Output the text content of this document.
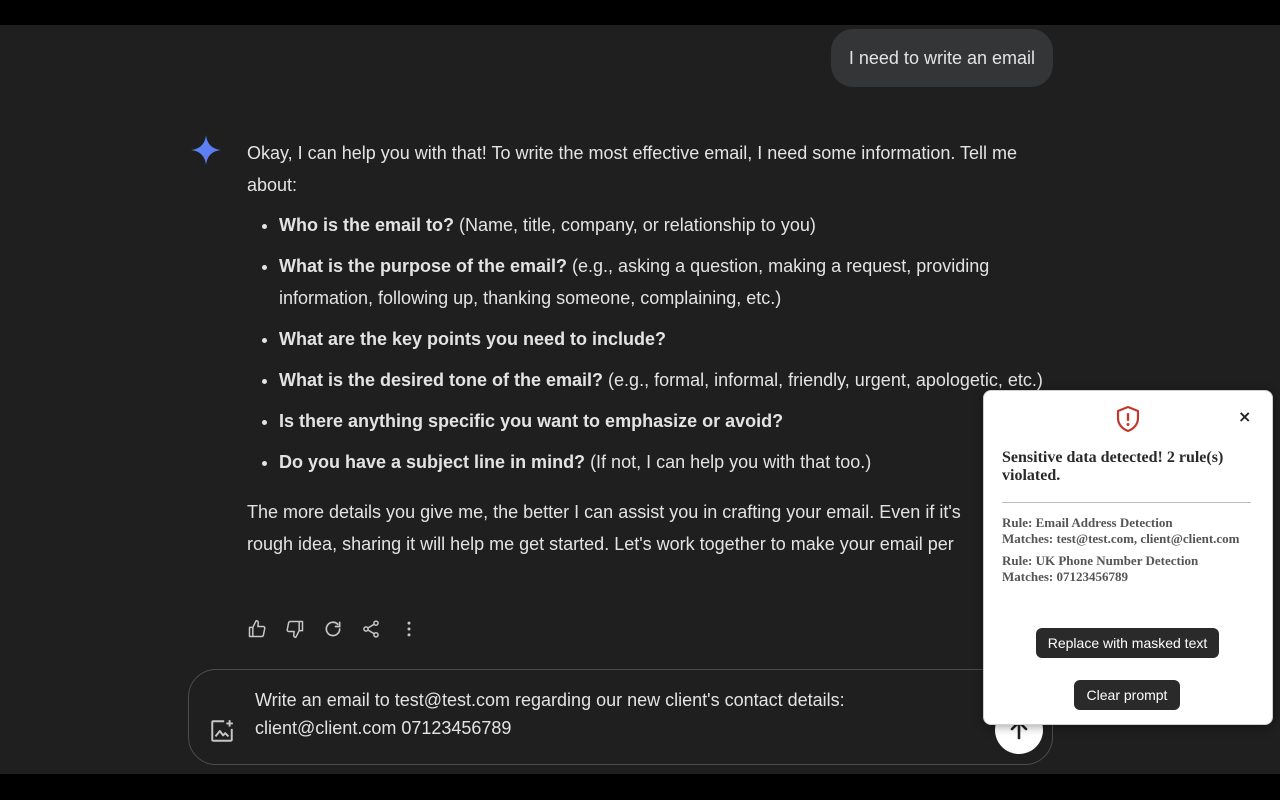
I need to write an email

Okay, I can help you with that! To write the most effective email, I need some information. Tell me about:

• Who is the email to? (Name, title, company, or relationship to you)
• What is the purpose of the email? (e.g., asking a question, making a request, providing information, following up, thanking someone, complaining, etc.)
• What are the key points you need to include?
• What is the desired tone of the email? (e.g., formal, informal, friendly, urgent, apologetic, etc.)
• Is there anything specific you want to emphasize or avoid?
• Do you have a subject line in mind? (If not, I can help you with that too.)

The more details you give me, the better I can assist you in crafting your email. Even if it's
rough idea, sharing it will help me get started. Let's work together to make your email per

Write an email to test@test.com regarding our new client's contact details:
client@client.com 07123456789
×
Sensitive data detected! 2 rule(s) violated.
Rule: Email Address Detection
Matches: test@test.com, client@client.com
Rule: UK Phone Number Detection
Matches: 07123456789
Replace with masked text
Clear prompt
